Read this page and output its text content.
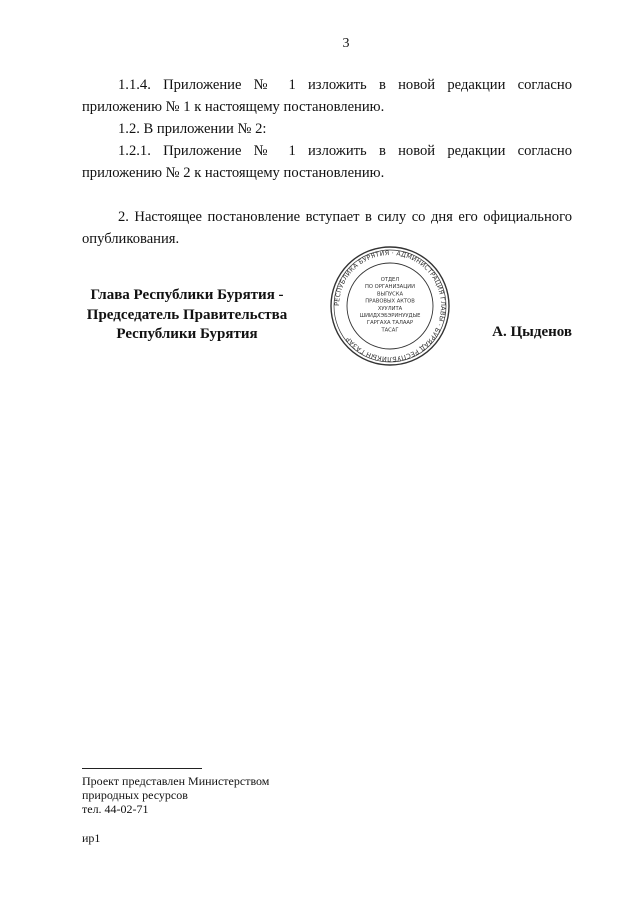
3

1.1.4. Приложение № 1 изложить в новой редакции согласно приложению № 1 к настоящему постановлению.

1.2. В приложении № 2:

1.2.1. Приложение № 1 изложить в новой редакции согласно приложению № 2 к настоящему постановлению.

2. Настоящее постановление вступает в силу со дня его официального опубликования.

Глава Республики Бурятия -
Председатель Правительства
Республики Бурятия
РЕСПУБЛИКА БУРЯТИЯ · АДМИНИСТРАЦИЯ ГЛАВЫ · БУРЯАД РЕСПУБЛИКЫН ГАЗАР
ОТДЕЛ
ПО ОРГАНИЗАЦИИ
ВЫПУСКА
ПРАВОВЫХ АКТОВ
ХУУЛИТА
ШИИДХЭБЭРИНУУДЫЕ
ГАРГАХА ТАЛААР
ТАСАГ	А. Цыденов
Проект представлен Министерством
природных ресурсов
тел. 44-02-71
ир1
